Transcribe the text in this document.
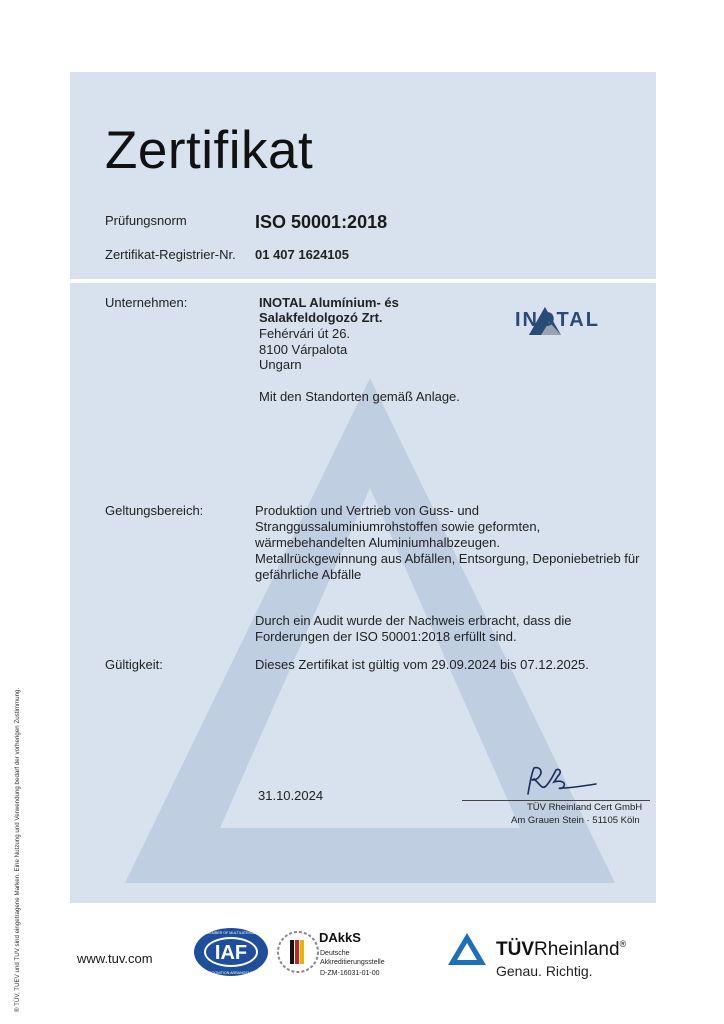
Zertifikat
Prüfungsnorm	ISO 50001:2018
Zertifikat-Registrier-Nr. 01 407 1624105
Unternehmen:	INOTAL Alumínium- és
Salakfeldolgozó Zrt.
Fehérvári út 26.
8100 Várpalota
Ungarn
Mit den Standorten gemäß Anlage.
INOTAL
Geltungsbereich:	Produktion und Vertrieb von Guss- und
Stranggussaluminiumrohstoffen sowie geformten,
wärmebehandelten Aluminiumhalbzeugen.
Metallrückgewinnung aus Abfällen, Entsorgung, Deponiebetrieb für
gefährliche Abfälle
Durch ein Audit wurde der Nachweis erbracht, dass die
Forderungen der ISO 50001:2018 erfüllt sind.
Gültigkeit:	Dieses Zertifikat ist gültig vom 29.09.2024 bis 07.12.2025.
31.10.2024
TÜV Rheinland Cert GmbH
Am Grauen Stein · 51105 Köln
® TÜV, TUEV und TUV sind eingetragene Marken. Eine Nutzung und Verwendung bedarf der vorherigen Zustimmung.	www.tuv.com	IAF
MEMBER OF MULTILATERAL
RECOGNITION ARRANGEMENT
DAkkS
Deutsche
Akkreditierungsstelle
D-ZM-16031-01-00
TÜVRheinland®
Genau. Richtig.
